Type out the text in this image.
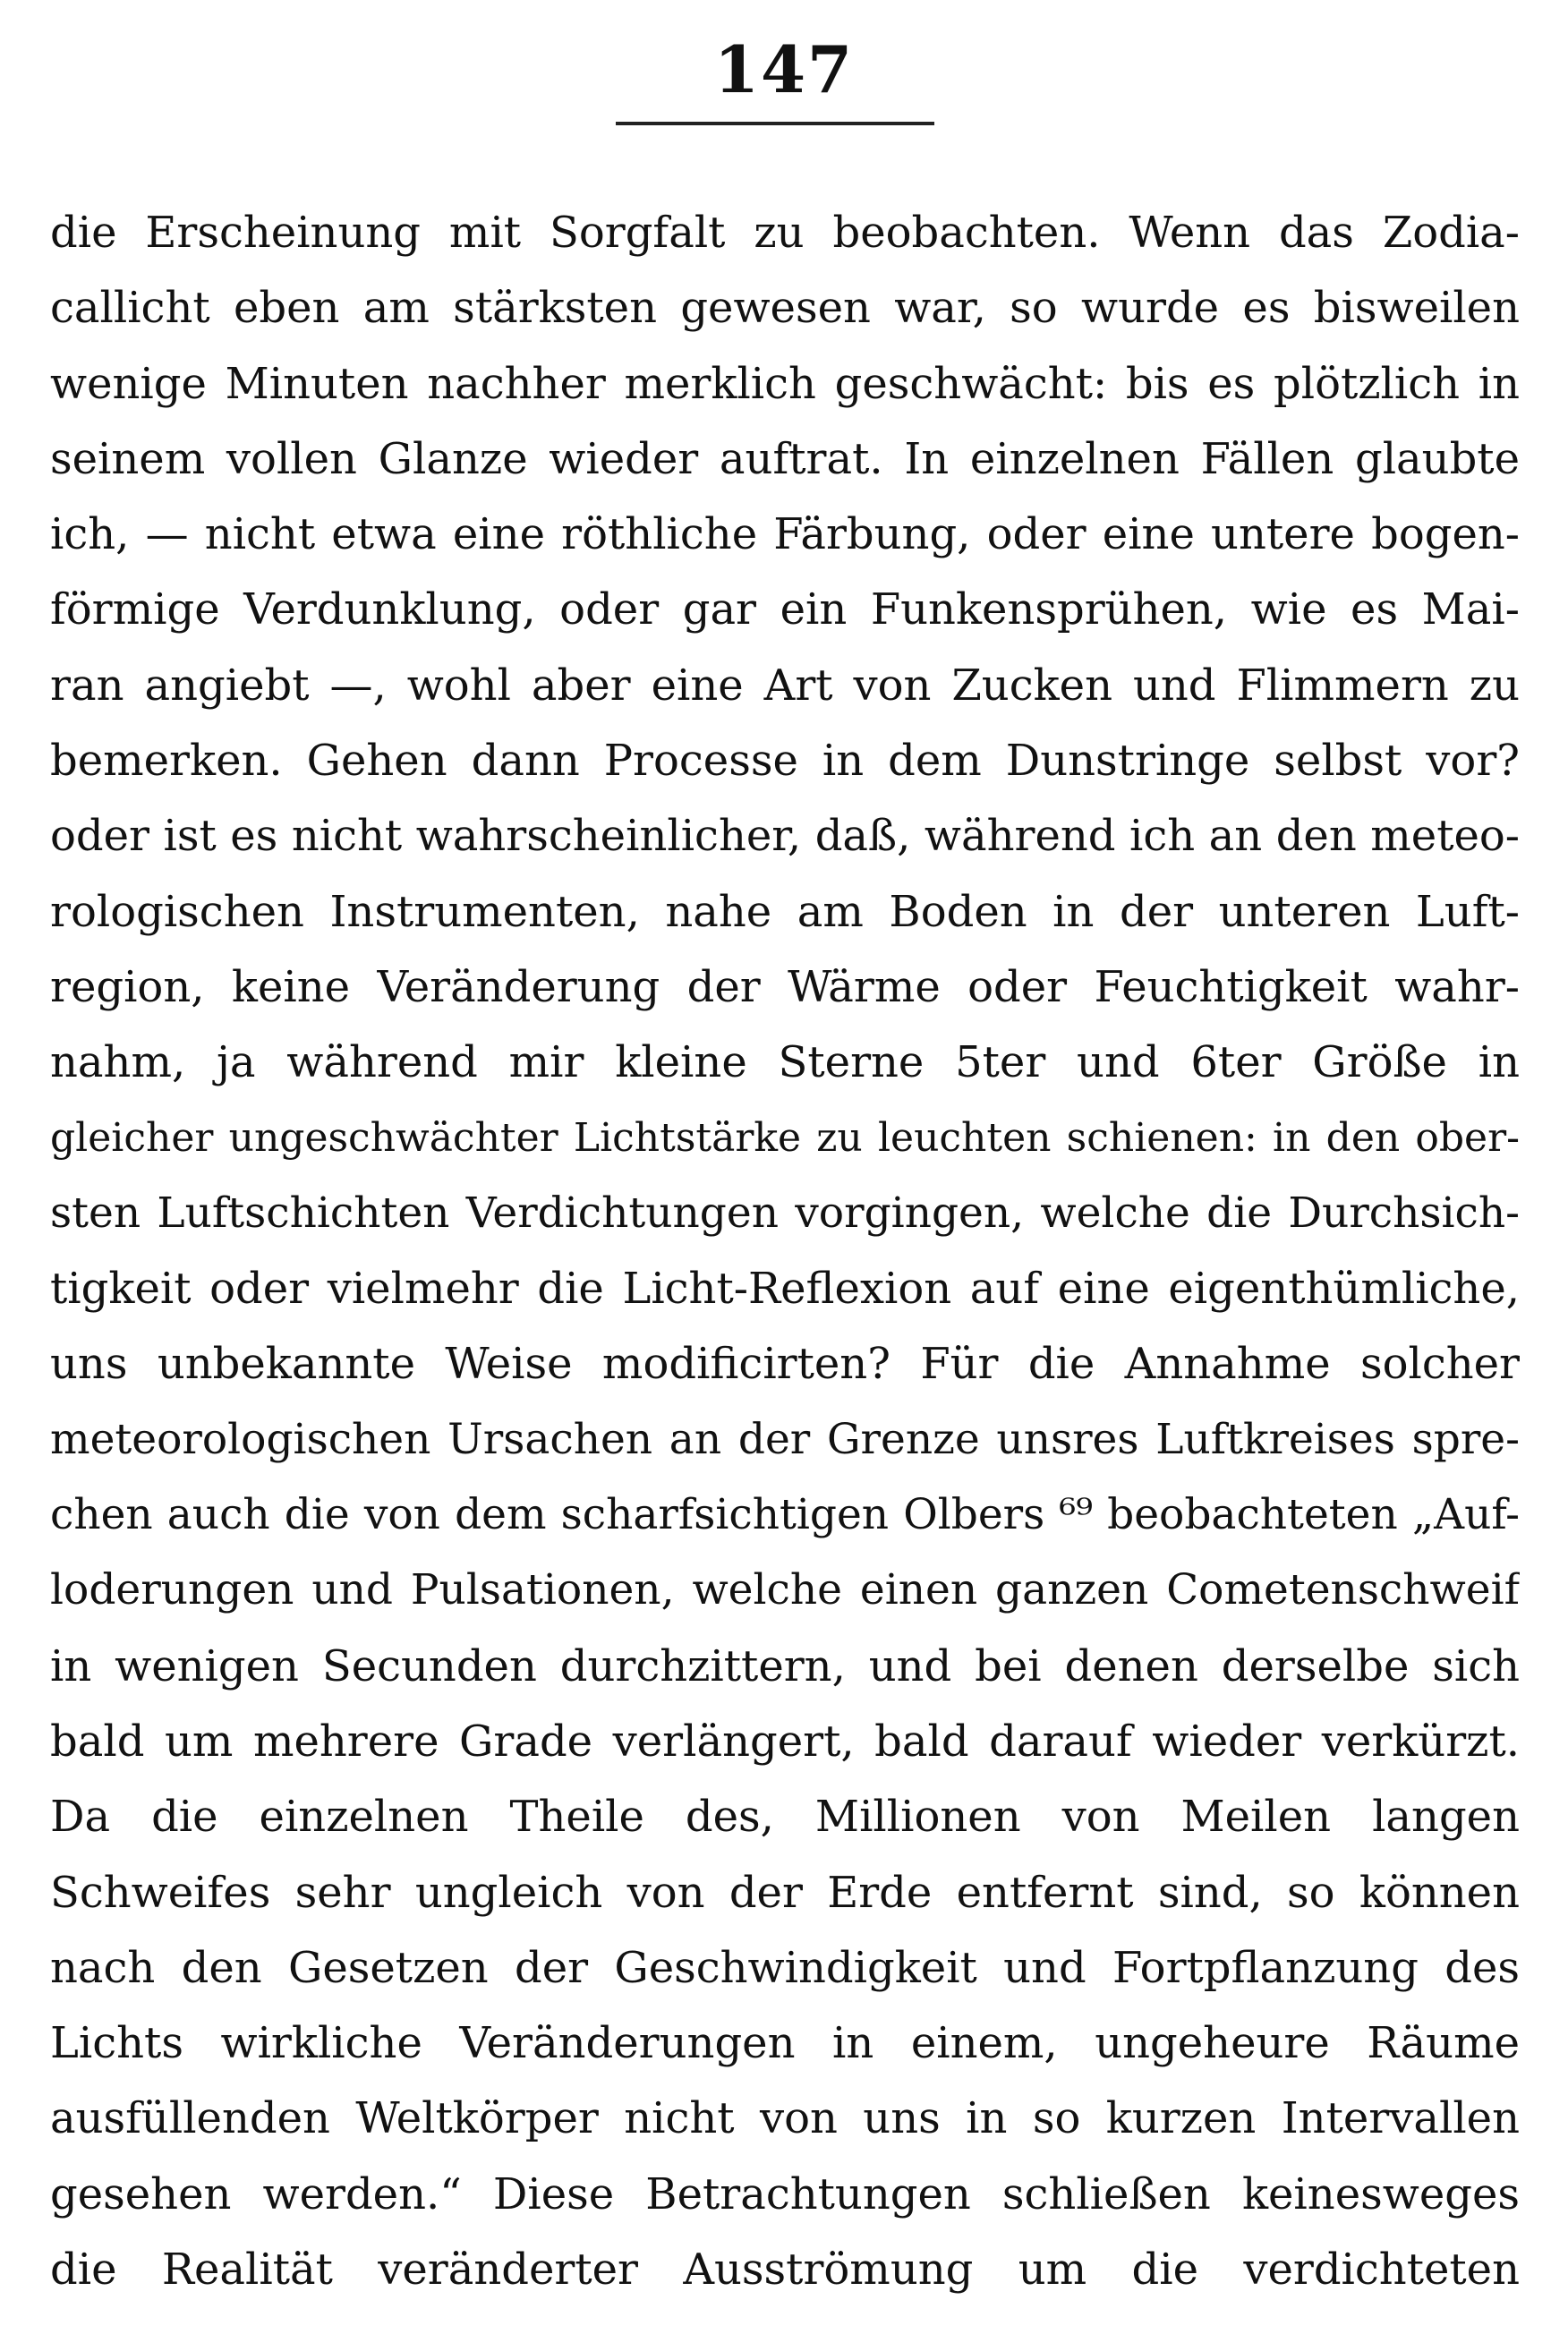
147
die Erscheinung mit Sorgfalt zu beobachten. Wenn das Zodia-
callicht eben am stärksten gewesen war, so wurde es bisweilen
wenige Minuten nachher merklich geschwächt: bis es plötzlich in
seinem vollen Glanze wieder auftrat. In einzelnen Fällen glaubte
ich, — nicht etwa eine röthliche Färbung, oder eine untere bogen-
förmige Verdunklung, oder gar ein Funkensprühen, wie es Mai-
ran angiebt —, wohl aber eine Art von Zucken und Flimmern zu
bemerken. Gehen dann Processe in dem Dunstringe selbst vor?
oder ist es nicht wahrscheinlicher, daß, während ich an den meteo-
rologischen Instrumenten, nahe am Boden in der unteren Luft-
region, keine Veränderung der Wärme oder Feuchtigkeit wahr-
nahm, ja während mir kleine Sterne 5ter und 6ter Größe in
gleicher ungeschwächter Lichtstärke zu leuchten schienen: in den ober-
sten Luftschichten Verdichtungen vorgingen, welche die Durchsich-
tigkeit oder vielmehr die Licht-Reflexion auf eine eigenthümliche,
uns unbekannte Weise modificirten? Für die Annahme solcher
meteorologischen Ursachen an der Grenze unsres Luftkreises spre-
chen auch die von dem scharfsichtigen Olbers ⁶⁹ beobachteten „Auf-
loderungen und Pulsationen, welche einen ganzen Cometenschweif
in wenigen Secunden durchzittern, und bei denen derselbe sich
bald um mehrere Grade verlängert, bald darauf wieder verkürzt.
Da die einzelnen Theile des, Millionen von Meilen langen
Schweifes sehr ungleich von der Erde entfernt sind, so können
nach den Gesetzen der Geschwindigkeit und Fortpflanzung des
Lichts wirkliche Veränderungen in einem, ungeheure Räume
ausfüllenden Weltkörper nicht von uns in so kurzen Intervallen
gesehen werden.“ Diese Betrachtungen schließen keinesweges
die Realität veränderter Ausströmung um die verdichteten
